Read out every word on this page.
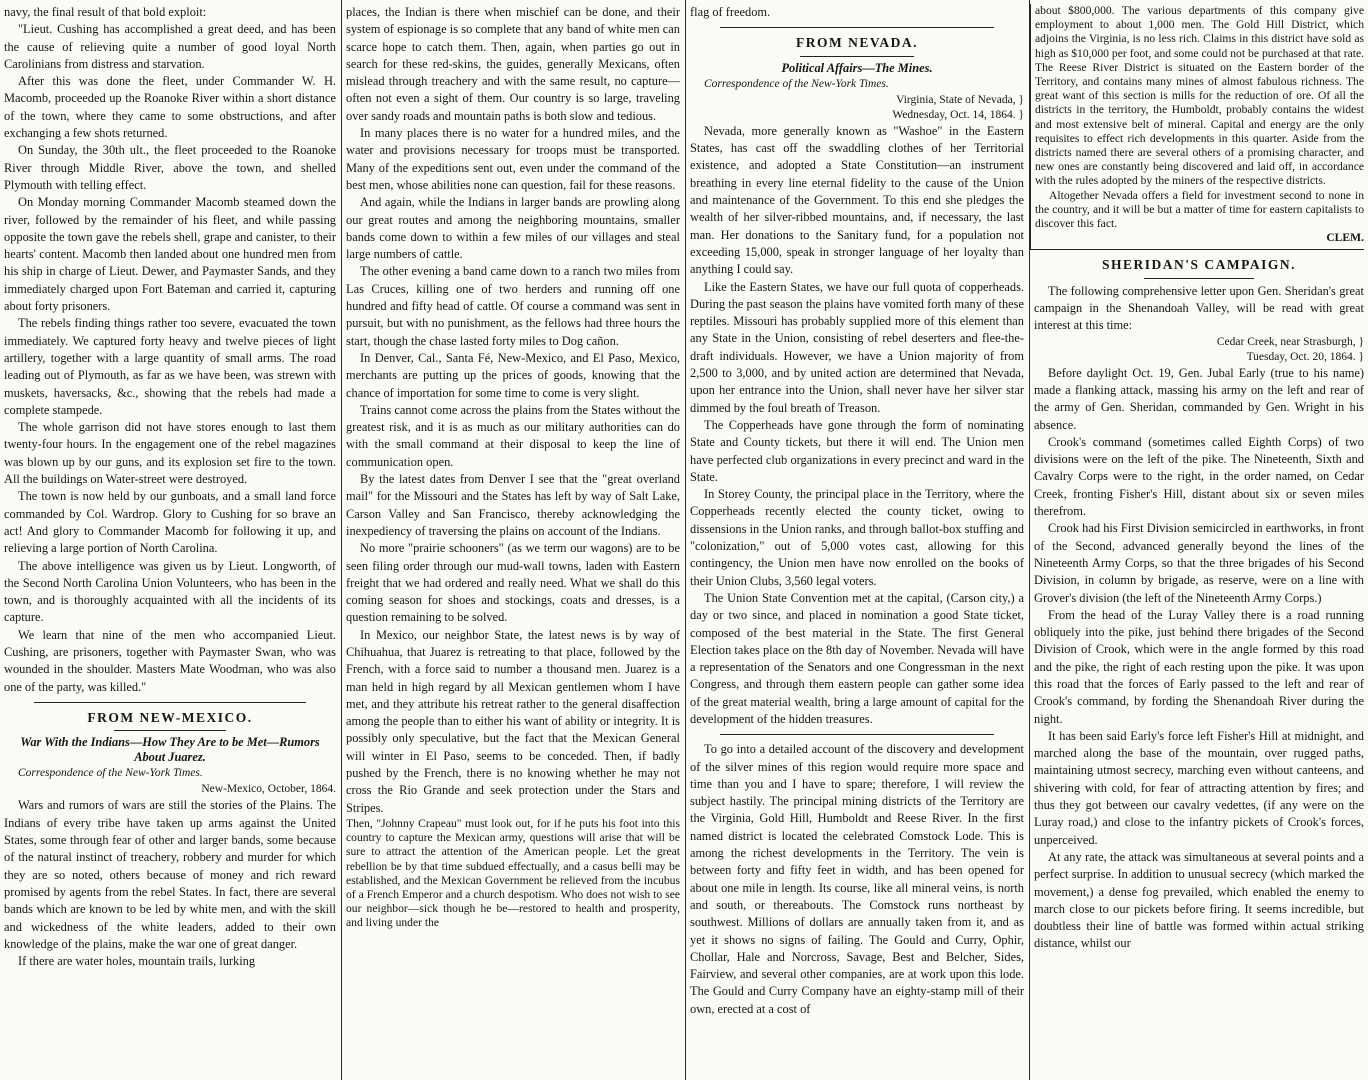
navy, the final result of that bold exploit:

"Lieut. Cushing has accomplished a great deed, and has been the cause of relieving quite a number of good loyal North Carolinians from distress and starvation.

After this was done the fleet, under Commander W. H. Macomb, proceeded up the Roanoke River within a short distance of the town, where they came to some obstructions, and after exchanging a few shots returned.

On Sunday, the 30th ult., the fleet proceeded to the Roanoke River through Middle River, above the town, and shelled Plymouth with telling effect.

On Monday morning Commander Macomb steamed down the river, followed by the remainder of his fleet, and while passing opposite the town gave the rebels shell, grape and canister, to their hearts' content. Macomb then landed about one hundred men from his ship in charge of Lieut. Dewer, and Paymaster Sands, and they immediately charged upon Fort Bateman and carried it, capturing about forty prisoners.

The rebels finding things rather too severe, evacuated the town immediately. We captured forty heavy and twelve pieces of light artillery, together with a large quantity of small arms. The road leading out of Plymouth, as far as we have been, was strewn with muskets, haversacks, &c., showing that the rebels had made a complete stampede.

The whole garrison did not have stores enough to last them twenty-four hours. In the engagement one of the rebel magazines was blown up by our guns, and its explosion set fire to the town. All the buildings on Water-street were destroyed.

The town is now held by our gunboats, and a small land force commanded by Col. Wardrop. Glory to Cushing for so brave an act! And glory to Commander Macomb for following it up, and relieving a large portion of North Carolina.

The above intelligence was given us by Lieut. Longworth, of the Second North Carolina Union Volunteers, who has been in the town, and is thoroughly acquainted with all the incidents of its capture.

We learn that nine of the men who accompanied Lieut. Cushing, are prisoners, together with Paymaster Swan, who was wounded in the shoulder. Masters Mate Woodman, who was also one of the party, was killed."

FROM NEW-MEXICO.
War With the Indians—How They Are to be Met—Rumors About Juarez.

Correspondence of the New-York Times.

New-Mexico, October, 1864.

Wars and rumors of wars are still the stories of the Plains. The Indians of every tribe have taken up arms against the United States, some through fear of other and larger bands, some because of the natural instinct of treachery, robbery and murder for which they are so noted, others because of money and rich reward promised by agents from the rebel States. In fact, there are several bands which are known to be led by white men, and with the skill and wickedness of the white leaders, added to their own knowledge of the plains, make the war one of great danger.

If there are water holes, mountain trails, lurking

places, the Indian is there when mischief can be done, and their system of espionage is so complete that any band of white men can scarce hope to catch them. Then, again, when parties go out in search for these red-skins, the guides, generally Mexicans, often mislead through treachery and with the same result, no capture—often not even a sight of them. Our country is so large, traveling over sandy roads and mountain paths is both slow and tedious.

In many places there is no water for a hundred miles, and the water and provisions necessary for troops must be transported. Many of the expeditions sent out, even under the command of the best men, whose abilities none can question, fail for these reasons.

And again, while the Indians in larger bands are prowling along our great routes and among the neighboring mountains, smaller bands come down to within a few miles of our villages and steal large numbers of cattle.

The other evening a band came down to a ranch two miles from Las Cruces, killing one of two herders and running off one hundred and fifty head of cattle. Of course a command was sent in pursuit, but with no punishment, as the fellows had three hours the start, though the chase lasted forty miles to Dog cañon.

In Denver, Cal., Santa Fé, New-Mexico, and El Paso, Mexico, merchants are putting up the prices of goods, knowing that the chance of importation for some time to come is very slight.

Trains cannot come across the plains from the States without the greatest risk, and it is as much as our military authorities can do with the small command at their disposal to keep the line of communication open.

By the latest dates from Denver I see that the "great overland mail" for the Missouri and the States has left by way of Salt Lake, Carson Valley and San Francisco, thereby acknowledging the inexpediency of traversing the plains on account of the Indians.

No more "prairie schooners" (as we term our wagons) are to be seen filing order through our mud-wall towns, laden with Eastern freight that we had ordered and really need. What we shall do this coming season for shoes and stockings, coats and dresses, is a question remaining to be solved.

In Mexico, our neighbor State, the latest news is by way of Chihuahua, that Juarez is retreating to that place, followed by the French, with a force said to number a thousand men. Juarez is a man held in high regard by all Mexican gentlemen whom I have met, and they attribute his retreat rather to the general disaffection among the people than to either his want of ability or integrity. It is possibly only speculative, but the fact that the Mexican General will winter in El Paso, seems to be conceded. Then, if badly pushed by the French, there is no knowing whether he may not cross the Rio Grande and seek protection under the Stars and Stripes.

Then, "Johnny Crapeau" must look out, for if he puts his foot into this country to capture the Mexican army, questions will arise that will be sure to attract the attention of the American people. Let the great rebellion be by that time subdued effectually, and a casus belli may be established, and the Mexican Government be relieved from the incubus of a French Emperor and a church despotism. Who does not wish to see our neighbor—sick though he be—restored to health and prosperity, and living under the

flag of freedom.

FROM NEVADA.
Political Affairs—The Mines.

Correspondence of the New-York Times.

Virginia, State of Nevada, }

Wednesday, Oct. 14, 1864. }

Nevada, more generally known as "Washoe" in the Eastern States, has cast off the swaddling clothes of her Territorial existence, and adopted a State Constitution—an instrument breathing in every line eternal fidelity to the cause of the Union and maintenance of the Government. To this end she pledges the wealth of her silver-ribbed mountains, and, if necessary, the last man. Her donations to the Sanitary fund, for a population not exceeding 15,000, speak in stronger language of her loyalty than anything I could say.

Like the Eastern States, we have our full quota of copperheads. During the past season the plains have vomited forth many of these reptiles. Missouri has probably supplied more of this element than any State in the Union, consisting of rebel deserters and flee-the-draft individuals. However, we have a Union majority of from 2,500 to 3,000, and by united action are determined that Nevada, upon her entrance into the Union, shall never have her silver star dimmed by the foul breath of Treason.

The Copperheads have gone through the form of nominating State and County tickets, but there it will end. The Union men have perfected club organizations in every precinct and ward in the State.

In Storey County, the principal place in the Territory, where the Copperheads recently elected the county ticket, owing to dissensions in the Union ranks, and through ballot-box stuffing and "colonization," out of 5,000 votes cast, allowing for this contingency, the Union men have now enrolled on the books of their Union Clubs, 3,560 legal voters.

The Union State Convention met at the capital, (Carson city,) a day or two since, and placed in nomination a good State ticket, composed of the best material in the State. The first General Election takes place on the 8th day of November. Nevada will have a representation of the Senators and one Congressman in the next Congress, and through them eastern people can gather some idea of the great material wealth, bring a large amount of capital for the development of the hidden treasures.

To go into a detailed account of the discovery and development of the silver mines of this region would require more space and time than you and I have to spare; therefore, I will review the subject hastily. The principal mining districts of the Territory are the Virginia, Gold Hill, Humboldt and Reese River. In the first named district is located the celebrated Comstock Lode. This is among the richest developments in the Territory. The vein is between forty and fifty feet in width, and has been opened for about one mile in length. Its course, like all mineral veins, is north and south, or thereabouts. The Comstock runs northeast by southwest. Millions of dollars are annually taken from it, and as yet it shows no signs of failing. The Gould and Curry, Ophir, Chollar, Hale and Norcross, Savage, Best and Belcher, Sides, Fairview, and several other companies, are at work upon this lode. The Gould and Curry Company have an eighty-stamp mill of their own, erected at a cost of

about $800,000. The various departments of this company give employment to about 1,000 men. The Gold Hill District, which adjoins the Virginia, is no less rich. Claims in this district have sold as high as $10,000 per foot, and some could not be purchased at that rate. The Reese River District is situated on the Eastern border of the Territory, and contains many mines of almost fabulous richness. The great want of this section is mills for the reduction of ore. Of all the districts in the territory, the Humboldt, probably contains the widest and most extensive belt of mineral. Capital and energy are the only requisites to effect rich developments in this quarter. Aside from the districts named there are several others of a promising character, and new ones are constantly being discovered and laid off, in accordance with the rules adopted by the miners of the respective districts.

Altogether Nevada offers a field for investment second to none in the country, and it will be but a matter of time for eastern capitalists to discover this fact.

CLEM.

SHERIDAN'S CAMPAIGN.

The following comprehensive letter upon Gen. Sheridan's great campaign in the Shenandoah Valley, will be read with great interest at this time:

Cedar Creek, near Strasburgh, }

Tuesday, Oct. 20, 1864. }

Before daylight Oct. 19, Gen. Jubal Early (true to his name) made a flanking attack, massing his army on the left and rear of the army of Gen. Sheridan, commanded by Gen. Wright in his absence.

Crook's command (sometimes called Eighth Corps) of two divisions were on the left of the pike. The Nineteenth, Sixth and Cavalry Corps were to the right, in the order named, on Cedar Creek, fronting Fisher's Hill, distant about six or seven miles therefrom.

Crook had his First Division semicircled in earthworks, in front of the Second, advanced generally beyond the lines of the Nineteenth Army Corps, so that the three brigades of his Second Division, in column by brigade, as reserve, were on a line with Grover's division (the left of the Nineteenth Army Corps.)

From the head of the Luray Valley there is a road running obliquely into the pike, just behind there brigades of the Second Division of Crook, which were in the angle formed by this road and the pike, the right of each resting upon the pike. It was upon this road that the forces of Early passed to the left and rear of Crook's command, by fording the Shenandoah River during the night.

It has been said Early's force left Fisher's Hill at midnight, and marched along the base of the mountain, over rugged paths, maintaining utmost secrecy, marching even without canteens, and shivering with cold, for fear of attracting attention by fires; and thus they got between our cavalry vedettes, (if any were on the Luray road,) and close to the infantry pickets of Crook's forces, unperceived.

At any rate, the attack was simultaneous at several points and a perfect surprise. In addition to unusual secrecy (which marked the movement,) a dense fog prevailed, which enabled the enemy to march close to our pickets before firing. It seems incredible, but doubtless their line of battle was formed within actual striking distance, whilst our
